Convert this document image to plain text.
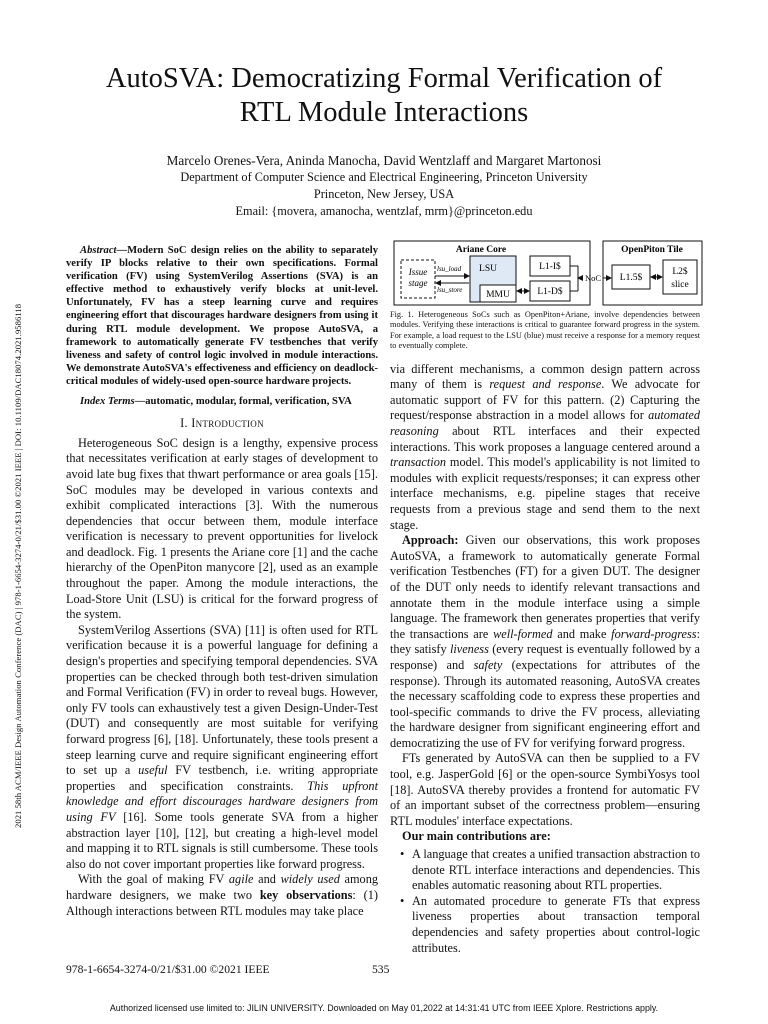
2021 58th ACM/IEEE Design Automation Conference (DAC) | 978-1-6654-3274-0/21/$31.00 ©2021 IEEE | DOI: 10.1109/DAC18074.2021.9586118
AutoSVA: Democratizing Formal Verification of
RTL Module Interactions
Marcelo Orenes-Vera, Aninda Manocha, David Wentzlaff and Margaret Martonosi
Department of Computer Science and Electrical Engineering, Princeton University
Princeton, New Jersey, USA
Email: {movera, amanocha, wentzlaf, mrm}@princeton.edu

Abstract—Modern SoC design relies on the ability to separately verify IP blocks relative to their own specifications. Formal verification (FV) using SystemVerilog Assertions (SVA) is an effective method to exhaustively verify blocks at unit-level. Unfortunately, FV has a steep learning curve and requires engineering effort that discourages hardware designers from using it during RTL module development. We propose AutoSVA, a framework to automatically generate FV testbenches that verify liveness and safety of control logic involved in module interactions. We demonstrate AutoSVA's effectiveness and efficiency on deadlock-critical modules of widely-used open-source hardware projects.

Index Terms—automatic, modular, formal, verification, SVA

I. Introduction

Heterogeneous SoC design is a lengthy, expensive process that necessitates verification at early stages of development to avoid late bug fixes that thwart performance or area goals [15]. SoC modules may be developed in various contexts and exhibit complicated interactions [3]. With the numerous dependencies that occur between them, module interface verification is necessary to prevent opportunities for livelock and deadlock. Fig. 1 presents the Ariane core [1] and the cache hierarchy of the OpenPiton manycore [2], used as an example throughout the paper. Among the module interactions, the Load-Store Unit (LSU) is critical for the forward progress of the system.

SystemVerilog Assertions (SVA) [11] is often used for RTL verification because it is a powerful language for defining a design's properties and specifying temporal dependencies. SVA properties can be checked through both test-driven simulation and Formal Verification (FV) in order to reveal bugs. However, only FV tools can exhaustively test a given Design-Under-Test (DUT) and consequently are most suitable for verifying forward progress [6], [18]. Unfortunately, these tools present a steep learning curve and require significant engineering effort to set up a useful FV testbench, i.e. writing appropriate properties and specification constraints. This upfront knowledge and effort discourages hardware designers from using FV [16]. Some tools generate SVA from a higher abstraction layer [10], [12], but creating a high-level model and mapping it to RTL signals is still cumbersome. These tools also do not cover important properties like forward progress.

With the goal of making FV agile and widely used among hardware designers, we make two key observations: (1) Although interactions between RTL modules may take place

Ariane Core
Issue
stage
LSU
MMU
lsu_load
lsu_store
L1-I$
L1-D$
NoC
OpenPiton Tile
L1.5$
L2$
slice

Fig. 1. Heterogeneous SoCs such as OpenPiton+Ariane, involve dependencies between modules. Verifying these interactions is critical to guarantee forward progress in the system. For example, a load request to the LSU (blue) must receive a response for a memory request to eventually complete.

via different mechanisms, a common design pattern across many of them is request and response. We advocate for automatic support of FV for this pattern. (2) Capturing the request/response abstraction in a model allows for automated reasoning about RTL interfaces and their expected interactions. This work proposes a language centered around a transaction model. This model's applicability is not limited to modules with explicit requests/responses; it can express other interface mechanisms, e.g. pipeline stages that receive requests from a previous stage and send them to the next stage.

Approach: Given our observations, this work proposes AutoSVA, a framework to automatically generate Formal verification Testbenches (FT) for a given DUT. The designer of the DUT only needs to identify relevant transactions and annotate them in the module interface using a simple language. The framework then generates properties that verify the transactions are well-formed and make forward-progress: they satisfy liveness (every request is eventually followed by a response) and safety (expectations for attributes of the response). Through its automated reasoning, AutoSVA creates the necessary scaffolding code to express these properties and tool-specific commands to drive the FV process, alleviating the hardware designer from significant engineering effort and democratizing the use of FV for verifying forward progress.

FTs generated by AutoSVA can then be supplied to a FV tool, e.g. JasperGold [6] or the open-source SymbiYosys tool [18]. AutoSVA thereby provides a frontend for automatic FV of an important subset of the correctness problem—ensuring RTL modules' interface expectations.

Our main contributions are:

• A language that creates a unified transaction abstraction to denote RTL interface interactions and dependencies. This enables automatic reasoning about RTL properties.
• An automated procedure to generate FTs that express liveness properties about transaction temporal dependencies and safety properties about control-logic attributes.
978-1-6654-3274-0/21/$31.00 ©2021 IEEE	535
Authorized licensed use limited to: JILIN UNIVERSITY. Downloaded on May 01,2022 at 14:31:41 UTC from IEEE Xplore. Restrictions apply.
